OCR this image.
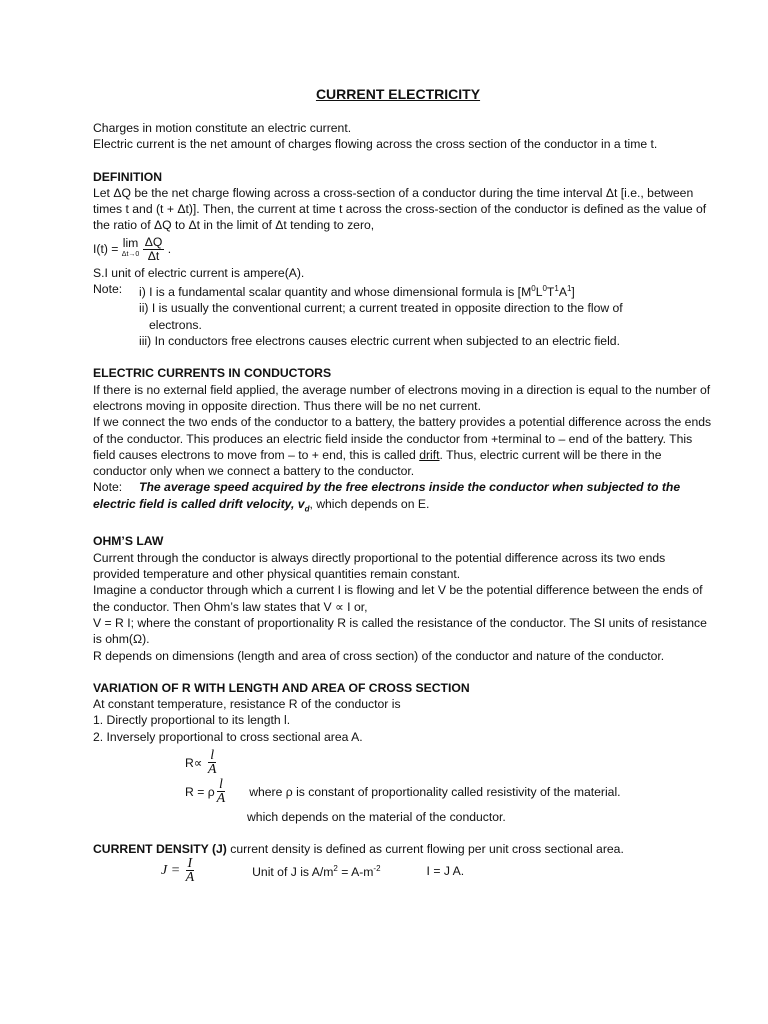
CURRENT ELECTRICITY

Charges in motion constitute an electric current.

Electric current is the net amount of charges flowing across the cross section of the conductor in a time t.

DEFINITION

Let ΔQ be the net charge flowing across a cross-section of a conductor during the time interval Δt [i.e., between times t and (t + Δt)]. Then, the current at time t across the cross-section of the conductor is defined as the value of the ratio of ΔQ to Δt in the limit of Δt tending to zero,

I(t) =
lim
Δt→0
$\frac{\Delta Q}{\Delta t}$
.

S.I unit of electric current is ampere(A).

Note:	i) I is a fundamental scalar quantity and whose dimensional formula is $[M^0L^0T^1A^1]$
ii) I is usually the conventional current; a current treated in opposite direction to the flow of
electrons.
iii) In conductors free electrons causes electric current when subjected to an electric field.

ELECTRIC CURRENTS IN CONDUCTORS

If there is no external field applied, the average number of electrons moving in a direction is equal to the number of electrons moving in opposite direction. Thus there will be no net current.

If we connect the two ends of the conductor to a battery, the battery provides a potential difference across the ends of the conductor. This produces an electric field inside the conductor from +terminal to – end of the battery. This field causes electrons to move from – to + end, this is called drift. Thus, electric current will be there in the conductor only when we connect a battery to the conductor.

Note: The average speed acquired by the free electrons inside the conductor when subjected to the electric field is called drift velocity, $v_d$, which depends on E.

OHM’S LAW

Current through the conductor is always directly proportional to the potential difference across its two ends provided temperature and other physical quantities remain constant.

Imagine a conductor through which a current I is flowing and let V be the potential difference between the ends of the conductor. Then Ohm’s law states that V ∝ I or,

V = R I; where the constant of proportionality R is called the resistance of the conductor. The SI units of resistance is ohm(Ω).

R depends on dimensions (length and area of cross section) of the conductor and nature of the conductor.

VARIATION OF R WITH LENGTH AND AREA OF CROSS SECTION

At constant temperature, resistance R of the conductor is

1. Directly proportional to its length l.

2. Inversely proportional to cross sectional area A.

R∝
$\frac{l}{A}$
R = ρ $\frac{l}{A}$ where ρ is constant of proportionality called resistivity of the material.
which depends on the material of the conductor.

CURRENT DENSITY (J) current density is defined as current flowing per unit cross sectional area.

J =
$\frac{I}{A}$	Unit of J is $A/m^2 = A-m^{-2}$	I = J A.
